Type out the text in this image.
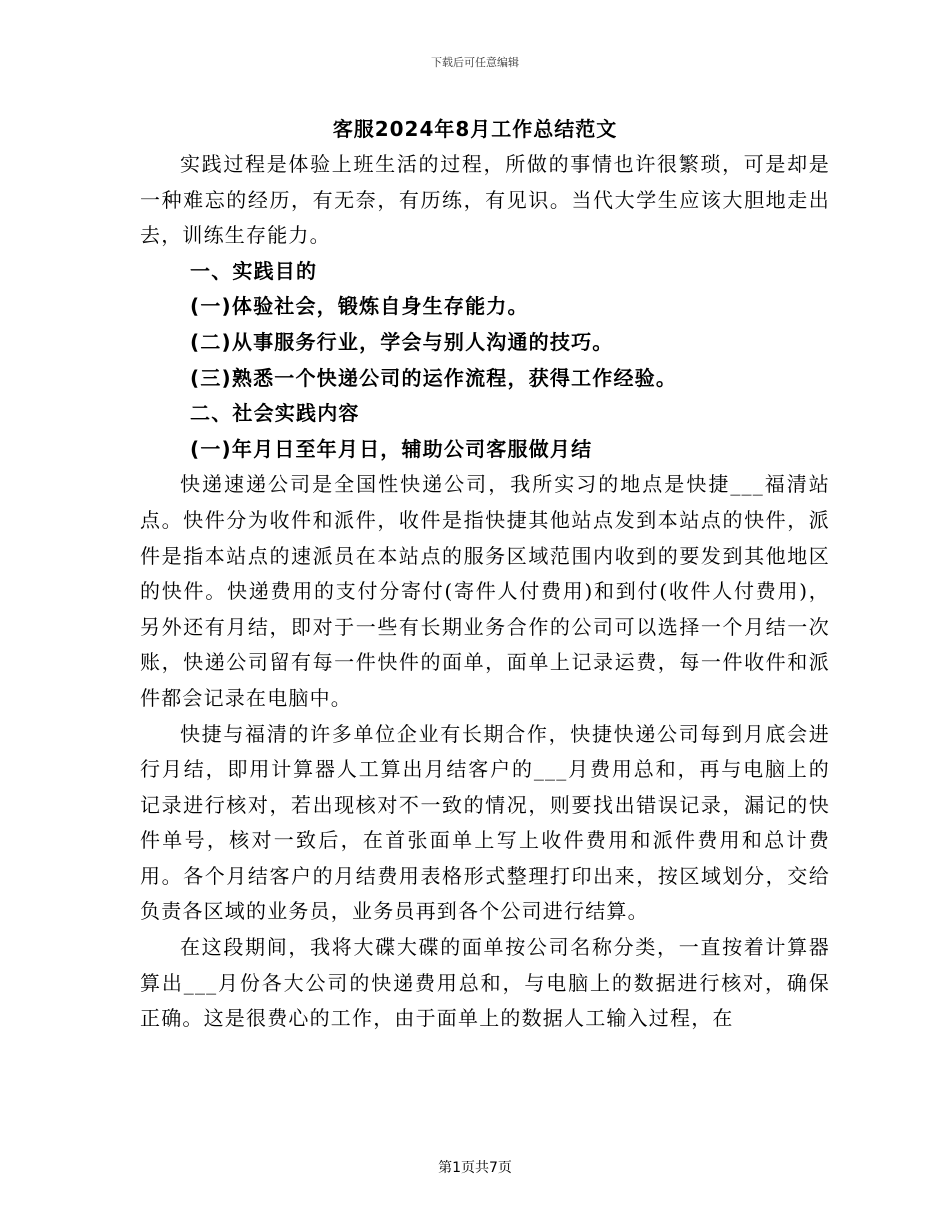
下载后可任意编辑
客服2024年8月工作总结范文

实践过程是体验上班生活的过程，所做的事情也许很繁琐，可是却是一种难忘的经历，有无奈，有历练，有见识。当代大学生应该大胆地走出去，训练生存能力。

一、实践目的

(一)体验社会，锻炼自身生存能力。

(二)从事服务行业，学会与别人沟通的技巧。

(三)熟悉一个快递公司的运作流程，获得工作经验。

二、社会实践内容

(一)年月日至年月日，辅助公司客服做月结

快递速递公司是全国性快递公司，我所实习的地点是快捷___福清站点。快件分为收件和派件，收件是指快捷其他站点发到本站点的快件，派件是指本站点的速派员在本站点的服务区域范围内收到的要发到其他地区的快件。快递费用的支付分寄付(寄件人付费用)和到付(收件人付费用)，另外还有月结，即对于一些有长期业务合作的公司可以选择一个月结一次账，快递公司留有每一件快件的面单，面单上记录运费，每一件收件和派件都会记录在电脑中。

快捷与福清的许多单位企业有长期合作，快捷快递公司每到月底会进行月结，即用计算器人工算出月结客户的___月费用总和，再与电脑上的记录进行核对，若出现核对不一致的情况，则要找出错误记录，漏记的快件单号，核对一致后，在首张面单上写上收件费用和派件费用和总计费用。各个月结客户的月结费用表格形式整理打印出来，按区域划分，交给负责各区域的业务员，业务员再到各个公司进行结算。

在这段期间，我将大碟大碟的面单按公司名称分类，一直按着计算器算出___月份各大公司的快递费用总和，与电脑上的数据进行核对，确保正确。这是很费心的工作，由于面单上的数据人工输入过程，在

第1页共7页
